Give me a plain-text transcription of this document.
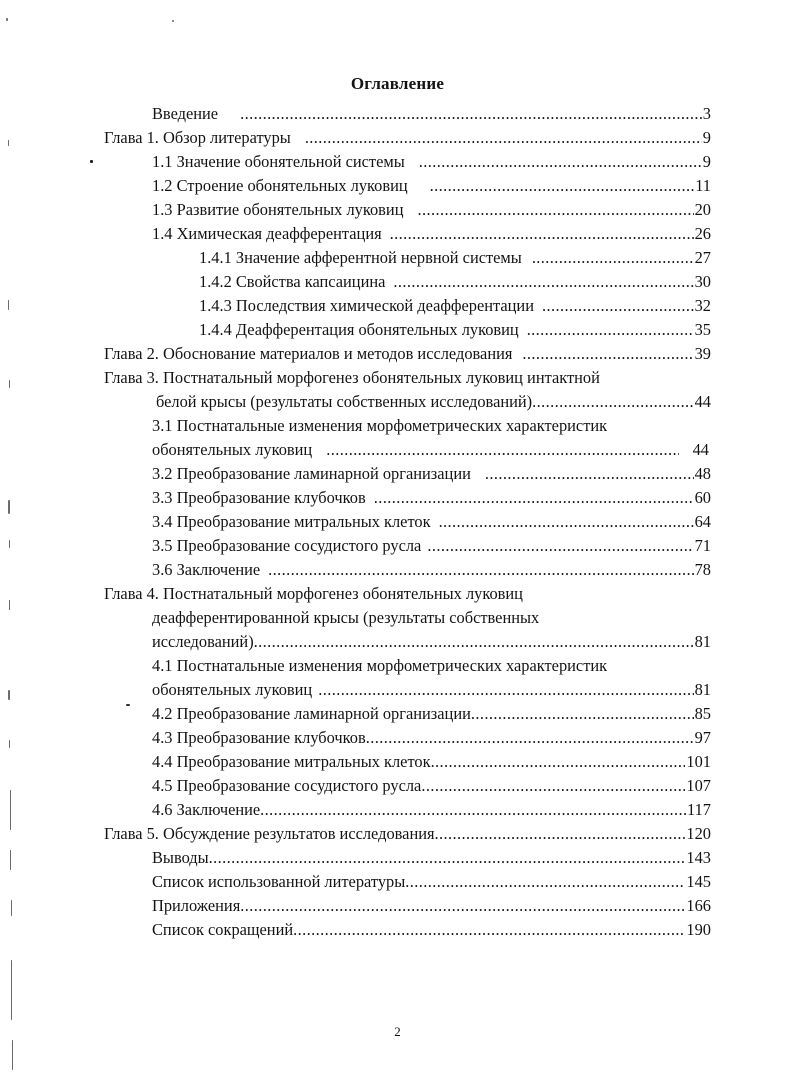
Оглавление
Введение .....	3
Глава 1. Обзор литературы .....	9
1.1 Значение обонятельной системы .....	9
1.2 Строение обонятельных луковиц .....	11
1.3 Развитие обонятельных луковиц .....	20
1.4 Химическая деафферентация .....	26
1.4.1 Значение афферентной нервной системы .....	27
1.4.2 Свойства капсаицина .....	30
1.4.3 Последствия химической деафферентации .....	32
1.4.4 Деафферентация обонятельных луковиц .....	35
Глава 2. Обоснование материалов и методов исследования .....	39
Глава 3. Постнатальный морфогенез обонятельных луковиц интактной
белой крысы (результаты собственных исследований) .....	44
3.1 Постнатальные изменения морфометрических характеристик
обонятельных луковиц .....	44
3.2 Преобразование ламинарной организации .....	48
3.3 Преобразование клубочков .....	60
3.4 Преобразование митральных клеток .....	64
3.5 Преобразование сосудистого русла .....	71
3.6 Заключение .....	78
Глава 4. Постнатальный морфогенез обонятельных луковиц
деафферентированной крысы (результаты собственных
исследований) .....	81
4.1 Постнатальные изменения морфометрических характеристик
обонятельных луковиц .....	81
4.2 Преобразование ламинарной организации .....	85
4.3 Преобразование клубочков .....	97
4.4 Преобразование митральных клеток .....	101
4.5 Преобразование сосудистого русла .....	107
4.6 Заключение .....	117
Глава 5. Обсуждение результатов исследования .....	120
Выводы .....	143
Список использованной литературы .....	145
Приложения .....	166
Список сокращений .....	190
2
